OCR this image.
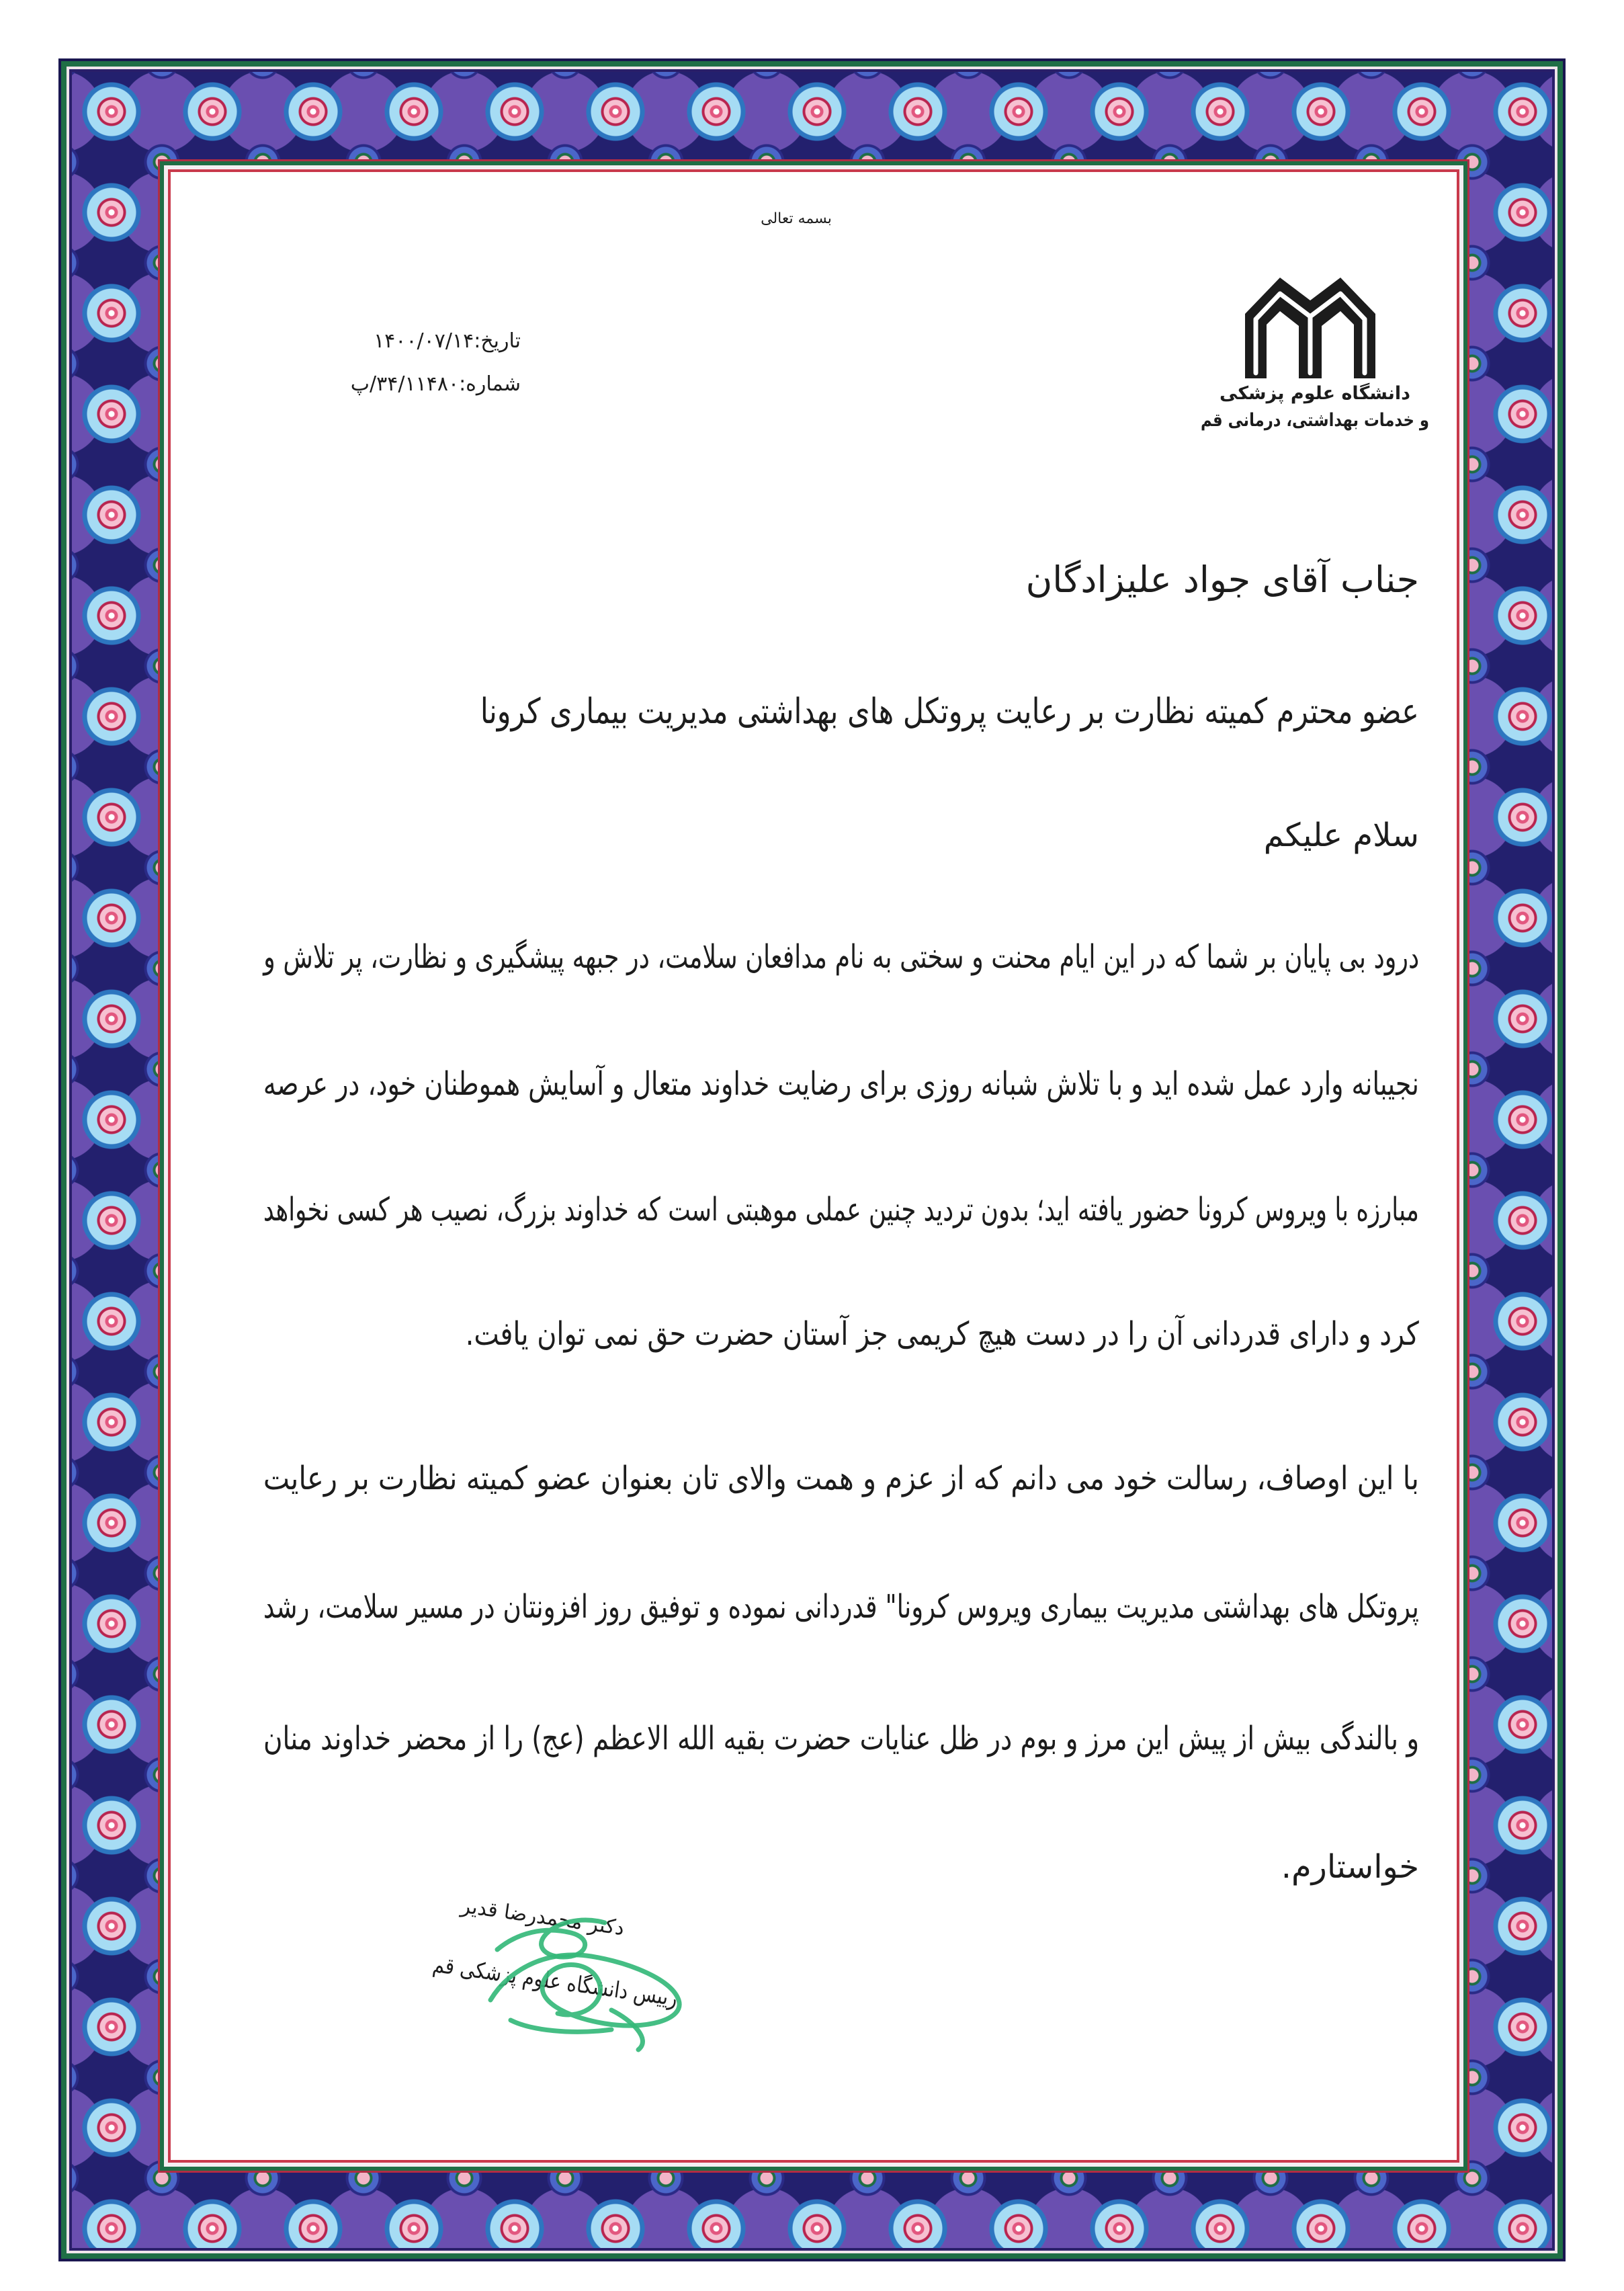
بسمه تعالی
تاریخ:۱۴۰۰/۰۷/۱۴
شماره:۳۴/۱۱۴۸۰/پ	دانشگاه علوم پزشکی
و خدمات بهداشتی، درمانی قم
جناب آقای جواد علیزادگان
عضو محترم کمیته نظارت بر رعایت پروتکل های بهداشتی مدیریت بیماری کرونا
سلام علیکم
درود بی پایان بر شما که در این ایام محنت و سختی به نام مدافعان سلامت، در جبهه پیشگیری و نظارت، پر تلاش و
نجیبانه وارد عمل شده اید و با تلاش شبانه روزی برای رضایت خداوند متعال و آسایش هموطنان خود، در عرصه
مبارزه با ویروس کرونا حضور یافته اید؛ بدون تردید چنین عملی موهبتی است که خداوند بزرگ، نصیب هر کسی نخواهد
کرد و دارای قدردانی آن را در دست هیچ کریمی جز آستان حضرت حق نمی توان یافت.
با این اوصاف، رسالت خود می دانم که از عزم و همت والای تان بعنوان عضو کمیته نظارت بر رعایت
پروتکل های بهداشتی مدیریت بیماری ویروس کرونا" قدردانی نموده و توفیق روز افزونتان در مسیر سلامت، رشد
و بالندگی بیش از پیش این مرز و بوم در ظل عنایات حضرت بقیه الله الاعظم (عج) را از محضر خداوند منان
خواستارم.
دکتر محمدرضا قدیر
رییس دانشگاه علوم پزشکی قم
